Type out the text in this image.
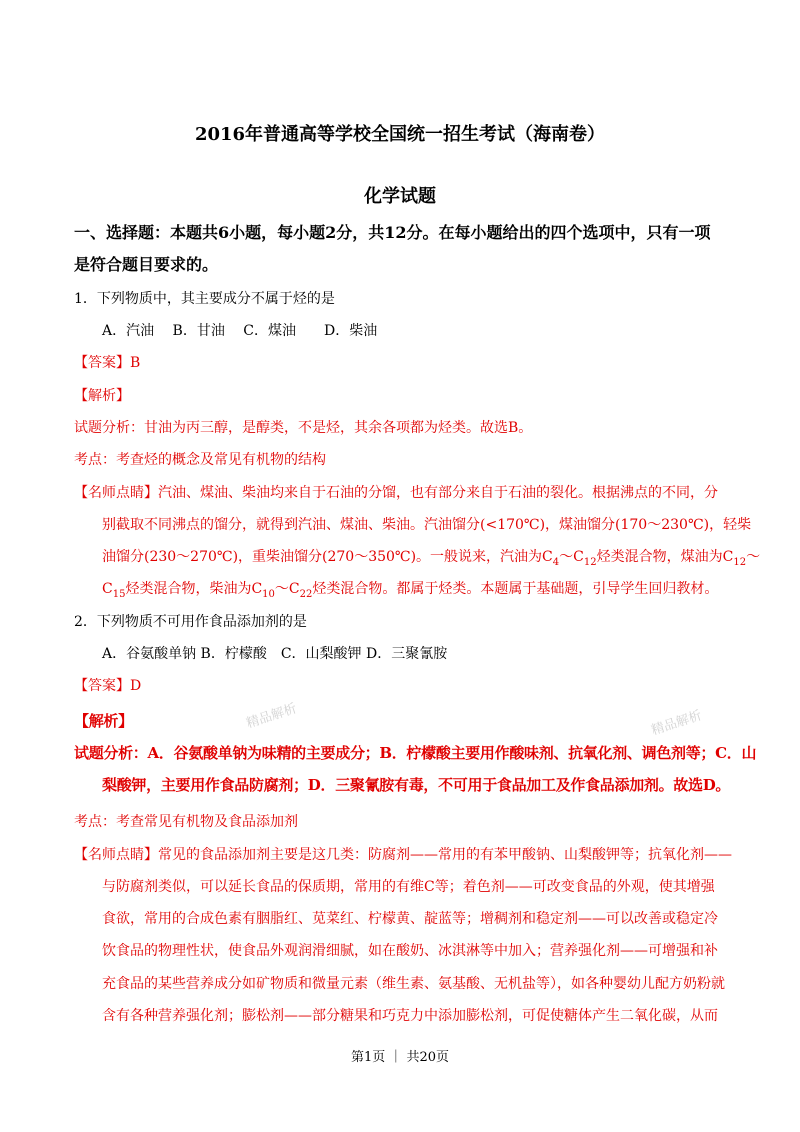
2016年普通高等学校全国统一招生考试（海南卷）
化学试题
一、选择题：本题共6小题，每小题2分，共12分。在每小题给出的四个选项中，只有一项
是符合题目要求的。
1．下列物质中，其主要成分不属于烃的是
A．汽油　 B．甘油　 C．煤油　　D．柴油
【答案】B
【解析】
试题分析：甘油为丙三醇，是醇类，不是烃，其余各项都为烃类。故选B。
考点：考查烃的概念及常见有机物的结构
【名师点睛】汽油、煤油、柴油均来自于石油的分馏，也有部分来自于石油的裂化。根据沸点的不同，分
别截取不同沸点的馏分，就得到汽油、煤油、柴油。汽油馏分(<170℃)，煤油馏分(170～230℃)，轻柴
油馏分(230～270℃)，重柴油馏分(270～350℃)。一般说来，汽油为$C_4\sim C_{12}$烃类混合物，煤油为$C_{12}\sim$
$C_{15}$烃类混合物，柴油为$C_{10}\sim C_{22}$烃类混合物。都属于烃类。本题属于基础题，引导学生回归教材。
2．下列物质不可用作食品添加剂的是
A．谷氨酸单钠 B．柠檬酸　C．山梨酸钾 D．三聚氰胺
【答案】D
【解析】
试题分析：A．谷氨酸单钠为味精的主要成分；B．柠檬酸主要用作酸味剂、抗氧化剂、调色剂等；C．山
梨酸钾，主要用作食品防腐剂；D．三聚氰胺有毒，不可用于食品加工及作食品添加剂。故选D。
精品解析	精品解析
考点：考查常见有机物及食品添加剂
【名师点睛】常见的食品添加剂主要是这几类：防腐剂——常用的有苯甲酸钠、山梨酸钾等；抗氧化剂——
与防腐剂类似，可以延长食品的保质期，常用的有维C等；着色剂——可改变食品的外观，使其增强
食欲，常用的合成色素有胭脂红、苋菜红、柠檬黄、靛蓝等；增稠剂和稳定剂——可以改善或稳定冷
饮食品的物理性状，使食品外观润滑细腻，如在酸奶、冰淇淋等中加入；营养强化剂——可增强和补
充食品的某些营养成分如矿物质和微量元素（维生素、氨基酸、无机盐等），如各种婴幼儿配方奶粉就
含有各种营养强化剂；膨松剂——部分糖果和巧克力中添加膨松剂，可促使糖体产生二氧化碳，从而
第1页 ｜ 共20页
